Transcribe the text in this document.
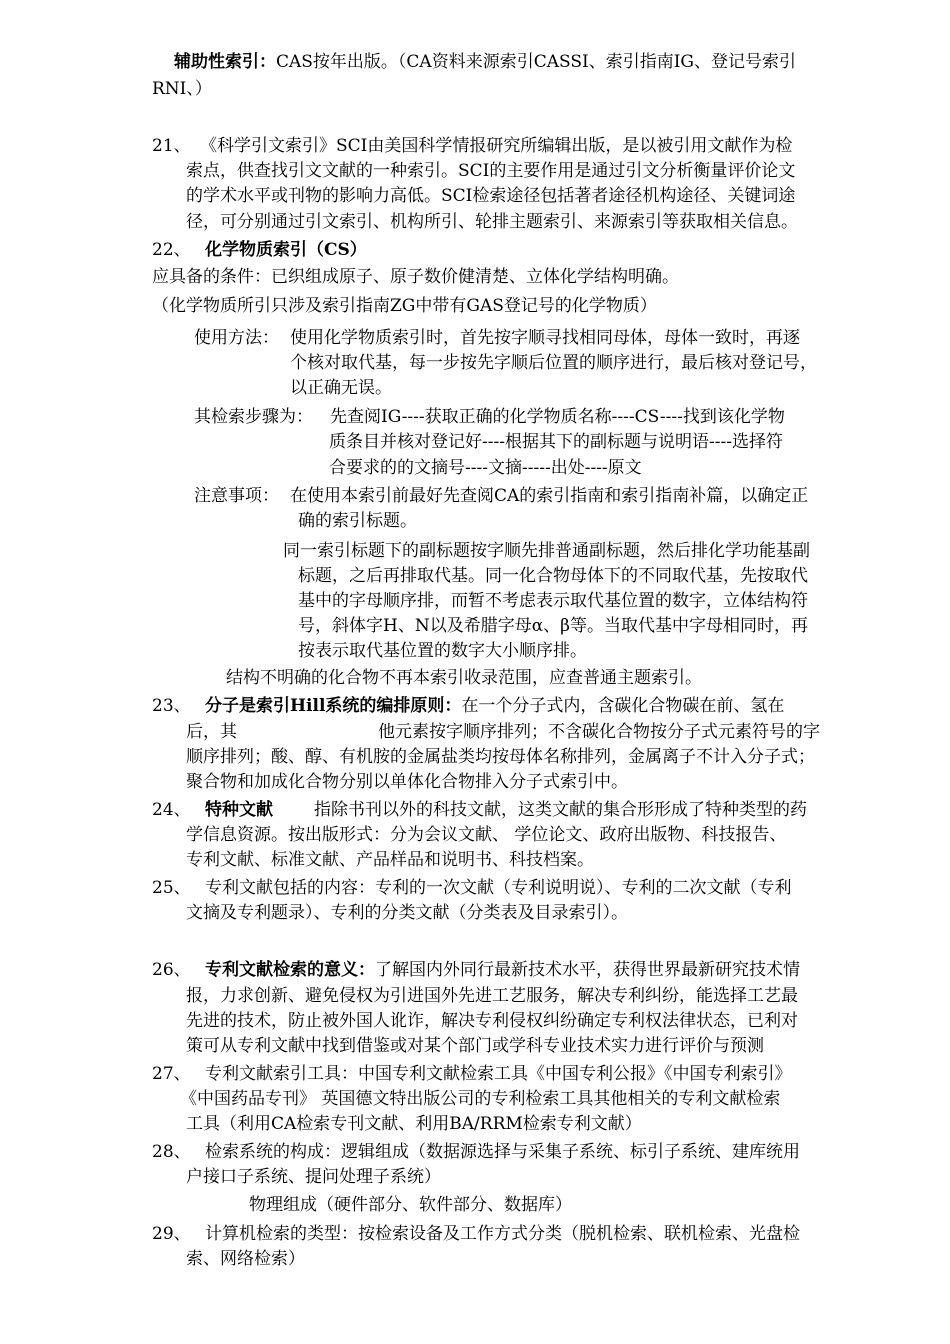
辅助性索引：CAS按年出版。（CA资料来源索引CASSI、索引指南IG、登记号索引
RNI、）
21、 《科学引文索引》SCI由美国科学情报研究所编辑出版，是以被引用文献作为检
索点，供查找引文文献的一种索引。SCI的主要作用是通过引文分析衡量评价论文
的学术水平或刊物的影响力高低。SCI检索途径包括著者途径机构途径、关键词途
径，可分别通过引文索引、机构所引、轮排主题索引、来源索引等获取相关信息。
22、 化学物质索引（CS）
应具备的条件：已织组成原子、原子数价健清楚、立体化学结构明确。
（化学物质所引只涉及索引指南ZG中带有GAS登记号的化学物质）
使用方法： 使用化学物质索引时，首先按字顺寻找相同母体，母体一致时，再逐
个核对取代基，每一步按先字顺后位置的顺序进行，最后核对登记号，
以正确无误。
其检索步骤为： 先查阅IG----获取正确的化学物质名称----CS----找到该化学物
质条目并核对登记好----根据其下的副标题与说明语----选择符
合要求的的文摘号----文摘-----出处----原文
注意事项： 在使用本索引前最好先查阅CA的索引指南和索引指南补篇，以确定正
确的索引标题。
同一索引标题下的副标题按字顺先排普通副标题，然后排化学功能基副
标题，之后再排取代基。同一化合物母体下的不同取代基，先按取代
基中的字母顺序排，而暂不考虑表示取代基位置的数字，立体结构符
号，斜体字H、N以及希腊字母α、β等。当取代基中字母相同时，再
按表示取代基位置的数字大小顺序排。
结构不明确的化合物不再本索引收录范围，应查普通主题索引。
23、 分子是索引Hill系统的编排原则：在一个分子式内，含碳化合物碳在前、氢在
后，其	他元素按字顺序排列；不含碳化合物按分子式元素符号的字
顺序排列；酸、醇、有机胺的金属盐类均按母体名称排列，金属离子不计入分子式；
聚合物和加成化合物分别以单体化合物排入分子式索引中。
24、 特种文献 指除书刊以外的科技文献，这类文献的集合形形成了特种类型的药
学信息资源。按出版形式：分为会议文献、 学位论文、政府出版物、科技报告、
专利文献、标准文献、产品样品和说明书、科技档案。
25、 专利文献包括的内容：专利的一次文献（专利说明说）、专利的二次文献（专利
文摘及专利题录）、专利的分类文献（分类表及目录索引）。
26、 专利文献检索的意义：了解国内外同行最新技术水平，获得世界最新研究技术情
报，力求创新、避免侵权为引进国外先进工艺服务，解决专利纠纷，能选择工艺最
先进的技术，防止被外国人讹诈，解决专利侵权纠纷确定专利权法律状态，已利对
策可从专利文献中找到借鉴或对某个部门或学科专业技术实力进行评价与预测
27、 专利文献索引工具：中国专利文献检索工具《中国专利公报》《中国专利索引》
《中国药品专刊》 英国德文特出版公司的专利检索工具其他相关的专利文献检索
工具（利用CA检索专刊文献、利用BA/RRM检索专利文献）
28、 检索系统的构成：逻辑组成（数据源选择与采集子系统、标引子系统、建库统用
户接口子系统、提问处理子系统）
物理组成（硬件部分、软件部分、数据库）
29、 计算机检索的类型：按检索设备及工作方式分类（脱机检索、联机检索、光盘检
索、网络检索）
